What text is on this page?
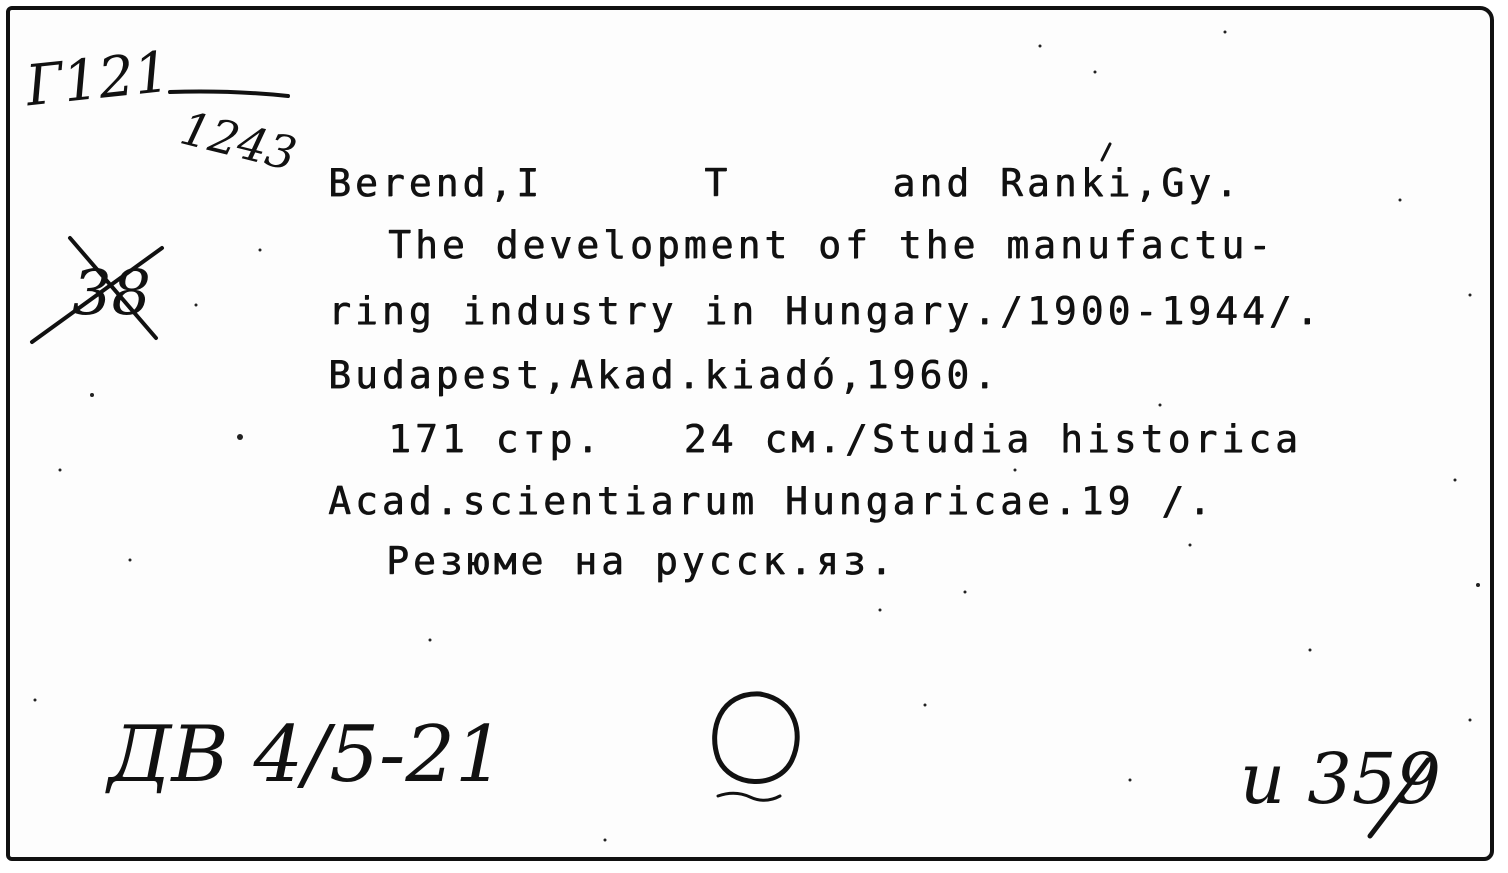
Г121
1243
38
Berend,I      T      and Ranki,Gy.
The development of the manufactu-
ring industry in Hungary./1900-1944/.
Budapest,Akad.kiadó,1960.
171 стр.   24 см./Studia historica
Acad.scientiarum Hungaricae.19 /.
Резюме на русск.яз.
ДВ 4/5-21	и 359
